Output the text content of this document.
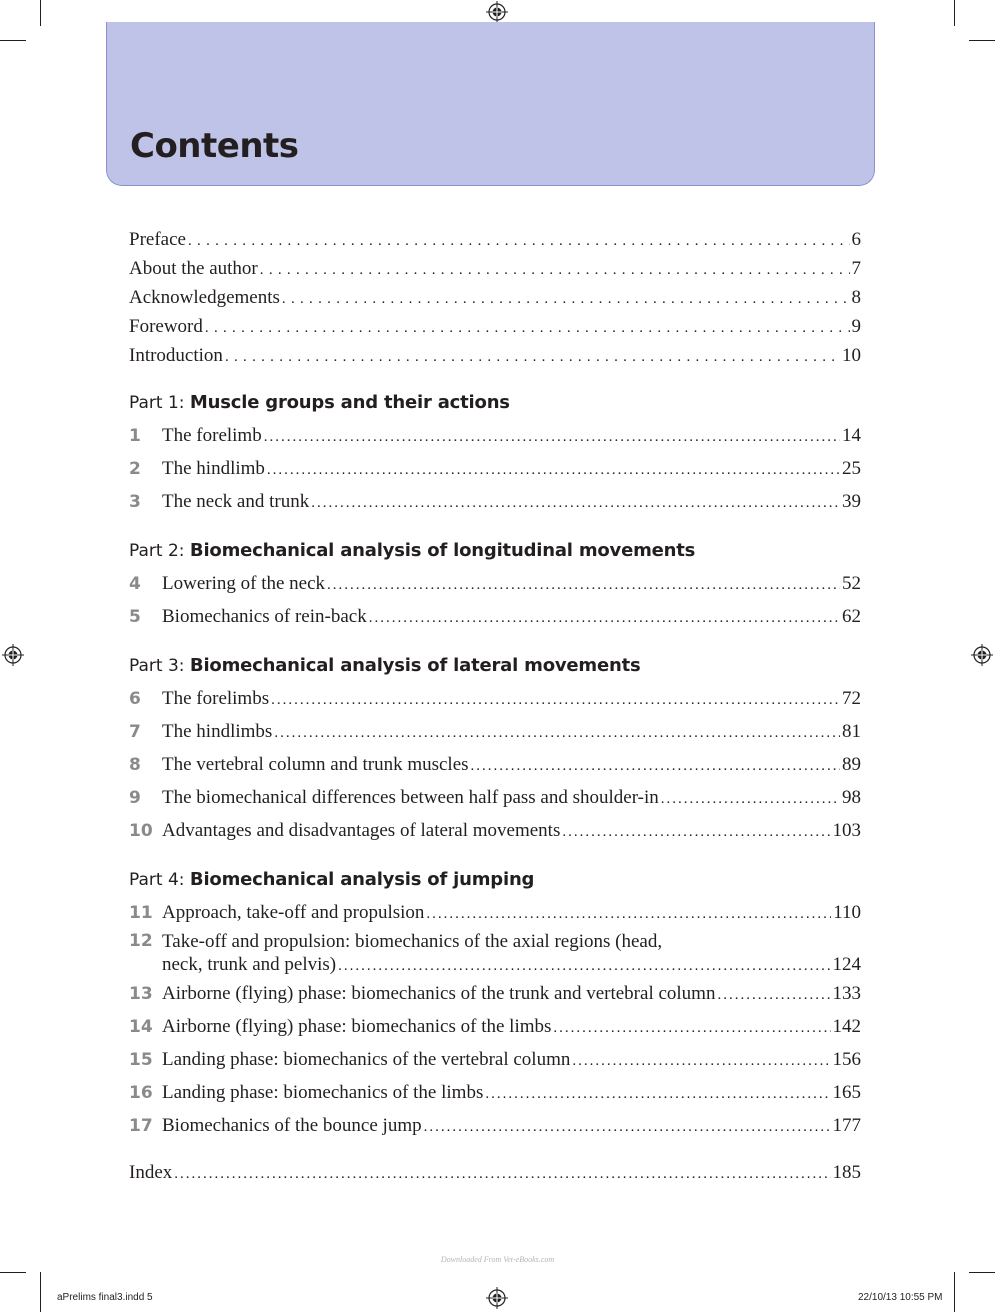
Contents
Preface .....	6
About the author .....	7
Acknowledgements .....	8
Foreword .....	9
Introduction .....	10
Part 1: Muscle groups and their actions
1	The forelimb .....	14
2	The hindlimb .....	25
3	The neck and trunk .....	39
Part 2: Biomechanical analysis of longitudinal movements
4	Lowering of the neck .....	52
5	Biomechanics of rein-back .....	62
Part 3: Biomechanical analysis of lateral movements
6	The forelimbs .....	72
7	The hindlimbs .....	81
8	The vertebral column and trunk muscles .....	89
9	The biomechanical differences between half pass and shoulder-in .....	98
10 Advantages and disadvantages of lateral movements .....	103
Part 4: Biomechanical analysis of jumping
11 Approach, take-off and propulsion .....	110
12 Take-off and propulsion: biomechanics of the axial regions (head,
neck, trunk and pelvis) .....	124
13 Airborne (flying) phase: biomechanics of the trunk and vertebral column .....	133
14 Airborne (flying) phase: biomechanics of the limbs .....	142
15 Landing phase: biomechanics of the vertebral column .....	156
16 Landing phase: biomechanics of the limbs .....	165
17 Biomechanics of the bounce jump .....	177
Index .....	185
Downloaded From Vet-eBooks.com
aPrelims final3.indd 5	22/10/13 10:55 PM
